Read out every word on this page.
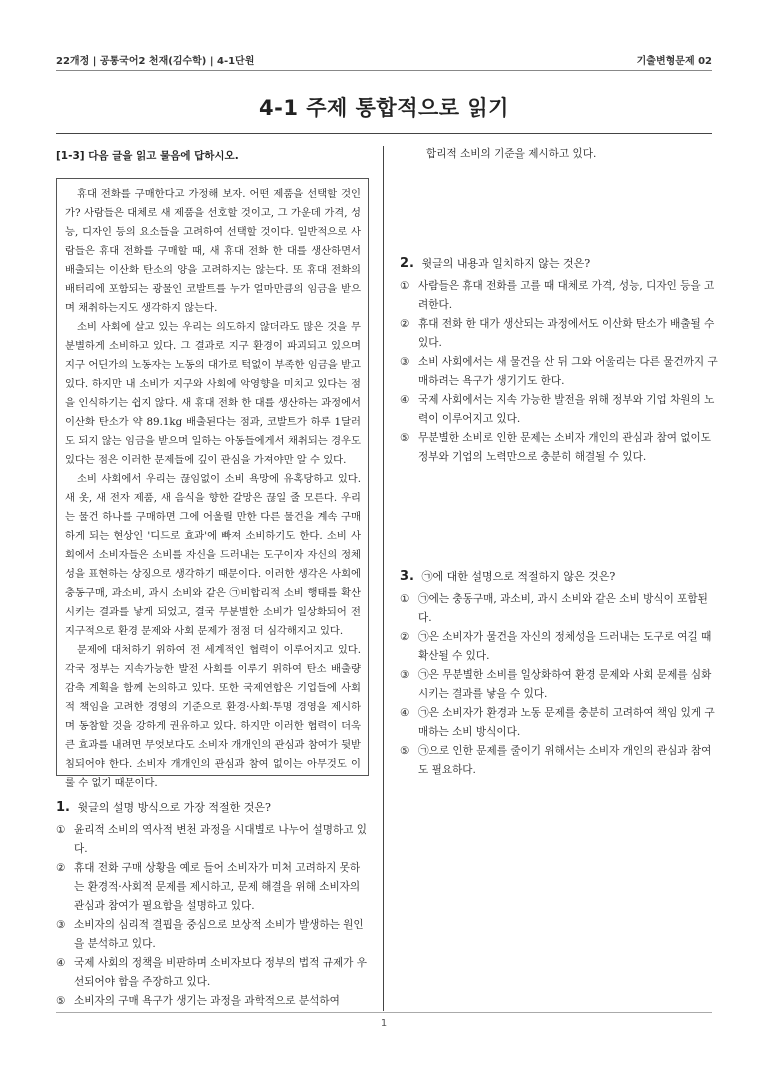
22개정 | 공통국어2 천재(김수학) | 4-1단원	기출변형문제 02
4-1 주제 통합적으로 읽기
[1-3] 다음 글을 읽고 물음에 답하시오.

휴대 전화를 구매한다고 가정해 보자. 어떤 제품을 선택할 것인가? 사람들은 대체로 새 제품을 선호할 것이고, 그 가운데 가격, 성능, 디자인 등의 요소들을 고려하여 선택할 것이다. 일반적으로 사람들은 휴대 전화를 구매할 때, 새 휴대 전화 한 대를 생산하면서 배출되는 이산화 탄소의 양을 고려하지는 않는다. 또 휴대 전화의 배터리에 포함되는 광물인 코발트를 누가 얼마만큼의 임금을 받으며 채취하는지도 생각하지 않는다.

소비 사회에 살고 있는 우리는 의도하지 않더라도 많은 것을 무분별하게 소비하고 있다. 그 결과로 지구 환경이 파괴되고 있으며 지구 어딘가의 노동자는 노동의 대가로 턱없이 부족한 임금을 받고 있다. 하지만 내 소비가 지구와 사회에 악영향을 미치고 있다는 점을 인식하기는 쉽지 않다. 새 휴대 전화 한 대를 생산하는 과정에서 이산화 탄소가 약 89.1kg 배출된다는 점과, 코발트가 하루 1달러도 되지 않는 임금을 받으며 일하는 아동들에게서 채취되는 경우도 있다는 점은 이러한 문제들에 깊이 관심을 가져야만 알 수 있다.

소비 사회에서 우리는 끊임없이 소비 욕망에 유혹당하고 있다. 새 옷, 새 전자 제품, 새 음식을 향한 갈망은 끊일 줄 모른다. 우리는 물건 하나를 구매하면 그에 어울릴 만한 다른 물건을 계속 구매하게 되는 현상인 '디드로 효과'에 빠져 소비하기도 한다. 소비 사회에서 소비자들은 소비를 자신을 드러내는 도구이자 자신의 정체성을 표현하는 상징으로 생각하기 때문이다. 이러한 생각은 사회에 충동구매, 과소비, 과시 소비와 같은 ㉠비합리적 소비 행태를 확산시키는 결과를 낳게 되었고, 결국 무분별한 소비가 일상화되어 전 지구적으로 환경 문제와 사회 문제가 점점 더 심각해지고 있다.

문제에 대처하기 위하여 전 세계적인 협력이 이루어지고 있다. 각국 정부는 지속가능한 발전 사회를 이루기 위하여 탄소 배출량 감축 계획을 함께 논의하고 있다. 또한 국제연합은 기업들에 사회적 책임을 고려한 경영의 기준으로 환경·사회·투명 경영을 제시하며 동참할 것을 강하게 권유하고 있다. 하지만 이러한 협력이 더욱 큰 효과를 내려면 무엇보다도 소비자 개개인의 관심과 참여가 뒷받침되어야 한다. 소비자 개개인의 관심과 참여 없이는 아무것도 이룰 수 없기 때문이다.

1. 윗글의 설명 방식으로 가장 적절한 것은?
① 윤리적 소비의 역사적 변천 과정을 시대별로 나누어 설명하고 있다.
② 휴대 전화 구매 상황을 예로 들어 소비자가 미처 고려하지 못하는 환경적·사회적 문제를 제시하고, 문제 해결을 위해 소비자의 관심과 참여가 필요함을 설명하고 있다.
③ 소비자의 심리적 결핍을 중심으로 보상적 소비가 발생하는 원인을 분석하고 있다.
④ 국제 사회의 정책을 비판하며 소비자보다 정부의 법적 규제가 우선되어야 함을 주장하고 있다.
⑤ 소비자의 구매 욕구가 생기는 과정을 과학적으로 분석하여
합리적 소비의 기준을 제시하고 있다.
2. 윗글의 내용과 일치하지 않는 것은?
① 사람들은 휴대 전화를 고를 때 대체로 가격, 성능, 디자인 등을 고려한다.
② 휴대 전화 한 대가 생산되는 과정에서도 이산화 탄소가 배출될 수 있다.
③ 소비 사회에서는 새 물건을 산 뒤 그와 어울리는 다른 물건까지 구매하려는 욕구가 생기기도 한다.
④ 국제 사회에서는 지속 가능한 발전을 위해 정부와 기업 차원의 노력이 이루어지고 있다.
⑤ 무분별한 소비로 인한 문제는 소비자 개인의 관심과 참여 없이도 정부와 기업의 노력만으로 충분히 해결될 수 있다.
3. ㉠에 대한 설명으로 적절하지 않은 것은?
① ㉠에는 충동구매, 과소비, 과시 소비와 같은 소비 방식이 포함된다.
② ㉠은 소비자가 물건을 자신의 정체성을 드러내는 도구로 여길 때 확산될 수 있다.
③ ㉠은 무분별한 소비를 일상화하여 환경 문제와 사회 문제를 심화시키는 결과를 낳을 수 있다.
④ ㉠은 소비자가 환경과 노동 문제를 충분히 고려하여 책임 있게 구매하는 소비 방식이다.
⑤ ㉠으로 인한 문제를 줄이기 위해서는 소비자 개인의 관심과 참여도 필요하다.
1
